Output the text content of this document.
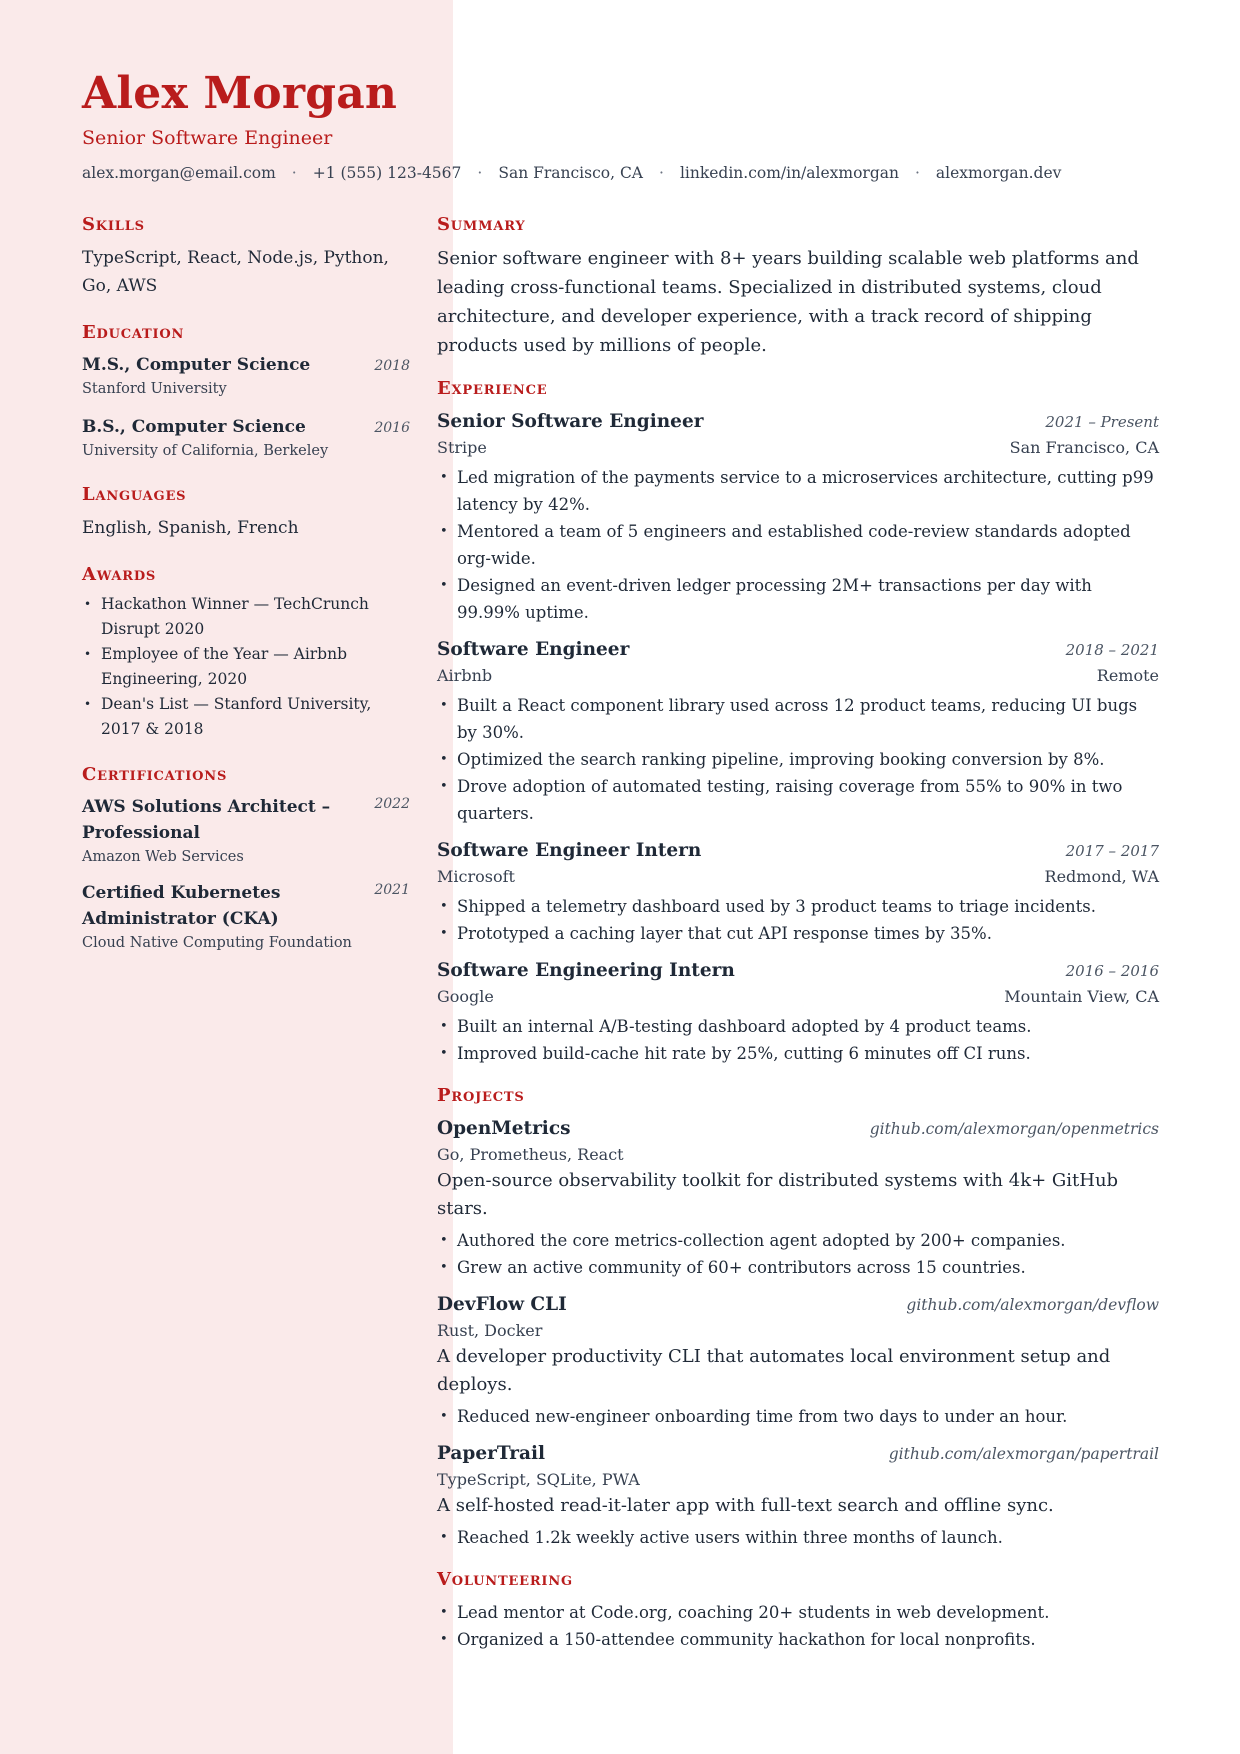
Alex Morgan
Senior Software Engineer
alex.morgan@email.com · +1 (555) 123-4567 · San Francisco, CA · linkedin.com/in/alexmorgan · alexmorgan.dev
Skills

TypeScript, React, Node.js, Python, Go, AWS

Education
M.S., Computer Science	2018
Stanford University
B.S., Computer Science	2016
University of California, Berkeley
Languages

English, Spanish, French

Awards
• Hackathon Winner — TechCrunch Disrupt 2020
• Employee of the Year — Airbnb Engineering, 2020
• Dean's List — Stanford University, 2017 & 2018
Certifications
AWS Solutions Architect – Professional
2022
Amazon Web Services
Certified Kubernetes Administrator (CKA)
2021
Cloud Native Computing Foundation
Summary

Senior software engineer with 8+ years building scalable web platforms and leading cross-functional teams. Specialized in distributed systems, cloud architecture, and developer experience, with a track record of shipping products used by millions of people.

Experience
Senior Software Engineer	2021 – Present
Stripe	San Francisco, CA
• Led migration of the payments service to a microservices architecture, cutting p99 latency by 42%.
• Mentored a team of 5 engineers and established code-review standards adopted org-wide.
• Designed an event-driven ledger processing 2M+ transactions per day with 99.99% uptime.
Software Engineer	2018 – 2021
Airbnb	Remote
• Built a React component library used across 12 product teams, reducing UI bugs by 30%.
• Optimized the search ranking pipeline, improving booking conversion by 8%.
• Drove adoption of automated testing, raising coverage from 55% to 90% in two quarters.
Software Engineer Intern	2017 – 2017
Microsoft	Redmond, WA
• Shipped a telemetry dashboard used by 3 product teams to triage incidents.
• Prototyped a caching layer that cut API response times by 35%.
Software Engineering Intern	2016 – 2016
Google	Mountain View, CA
• Built an internal A/B-testing dashboard adopted by 4 product teams.
• Improved build-cache hit rate by 25%, cutting 6 minutes off CI runs.
Projects
OpenMetrics	github.com/alexmorgan/openmetrics
Go, Prometheus, React
Open-source observability toolkit for distributed systems with 4k+ GitHub stars.
• Authored the core metrics-collection agent adopted by 200+ companies.
• Grew an active community of 60+ contributors across 15 countries.
DevFlow CLI	github.com/alexmorgan/devflow
Rust, Docker
A developer productivity CLI that automates local environment setup and deploys.
• Reduced new-engineer onboarding time from two days to under an hour.
PaperTrail	github.com/alexmorgan/papertrail
TypeScript, SQLite, PWA
A self-hosted read-it-later app with full-text search and offline sync.
• Reached 1.2k weekly active users within three months of launch.
Volunteering
• Lead mentor at Code.org, coaching 20+ students in web development.
• Organized a 150-attendee community hackathon for local nonprofits.
